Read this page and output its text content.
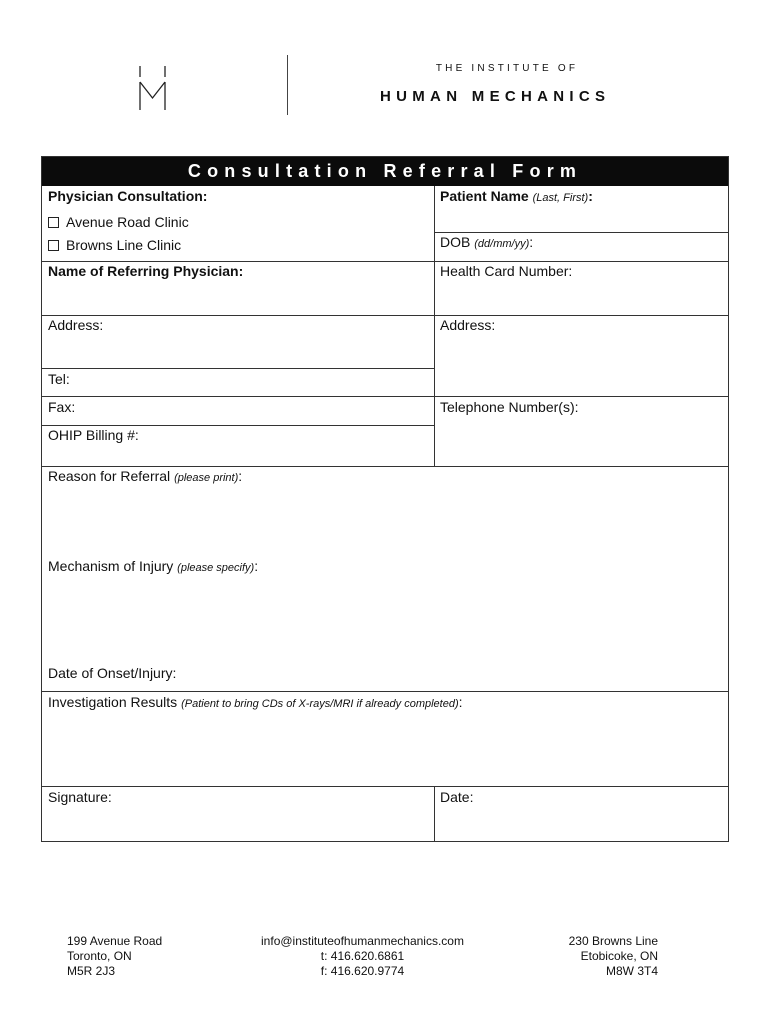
THE INSTITUTE OF
HUMAN MECHANICS
Consultation Referral Form
Physician Consultation:
Avenue Road Clinic
Browns Line Clinic
Patient Name (Last, First):
DOB (dd/mm/yy):
Name of Referring Physician:	Health Card Number:
Address:	Address:
Tel:
Fax:	Telephone Number(s):
OHIP Billing #:
Reason for Referral (please print):
Mechanism of Injury (please specify):
Date of Onset/Injury:
Investigation Results (Patient to bring CDs of X-rays/MRI if already completed):
Signature:	Date:
199 Avenue Road
Toronto, ON
M5R 2J3
info@instituteofhumanmechanics.com
t: 416.620.6861
f: 416.620.9774
230 Browns Line
Etobicoke, ON
M8W 3T4
